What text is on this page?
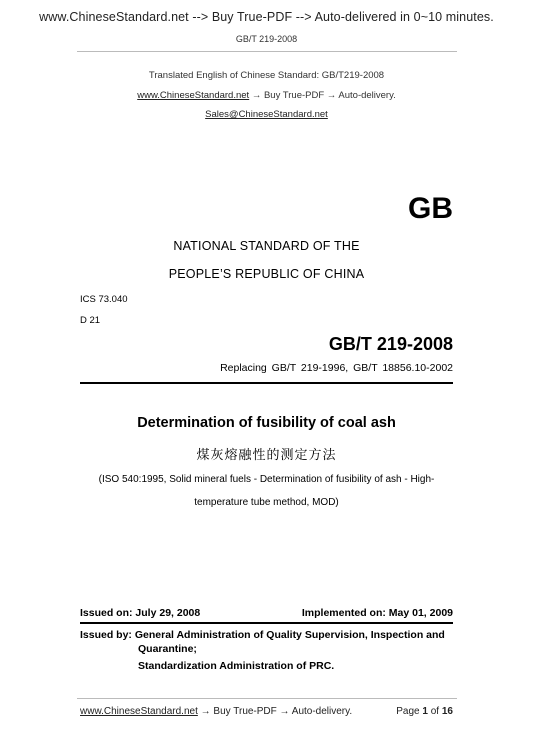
www.ChineseStandard.net --> Buy True-PDF --> Auto-delivered in 0~10 minutes.
GB/T 219-2008
Translated English of Chinese Standard: GB/T219-2008
www.ChineseStandard.net → Buy True-PDF → Auto-delivery.
Sales@ChineseStandard.net
GB
NATIONAL STANDARD OF THE
PEOPLE’S REPUBLIC OF CHINA
ICS 73.040
D 21
GB/T 219-2008
Replacing GB/T 219-1996, GB/T 18856.10-2002
Determination of fusibility of coal ash
煤灰熔融性的测定方法
(ISO 540:1995, Solid mineral fuels - Determination of fusibility of ash - High-
temperature tube method, MOD)
Issued on: July 29, 2008	Implemented on: May 01, 2009
Issued by: General Administration of Quality Supervision, Inspection and
Quarantine;
Standardization Administration of PRC.
www.ChineseStandard.net → Buy True-PDF → Auto-delivery.	Page 1 of 16
